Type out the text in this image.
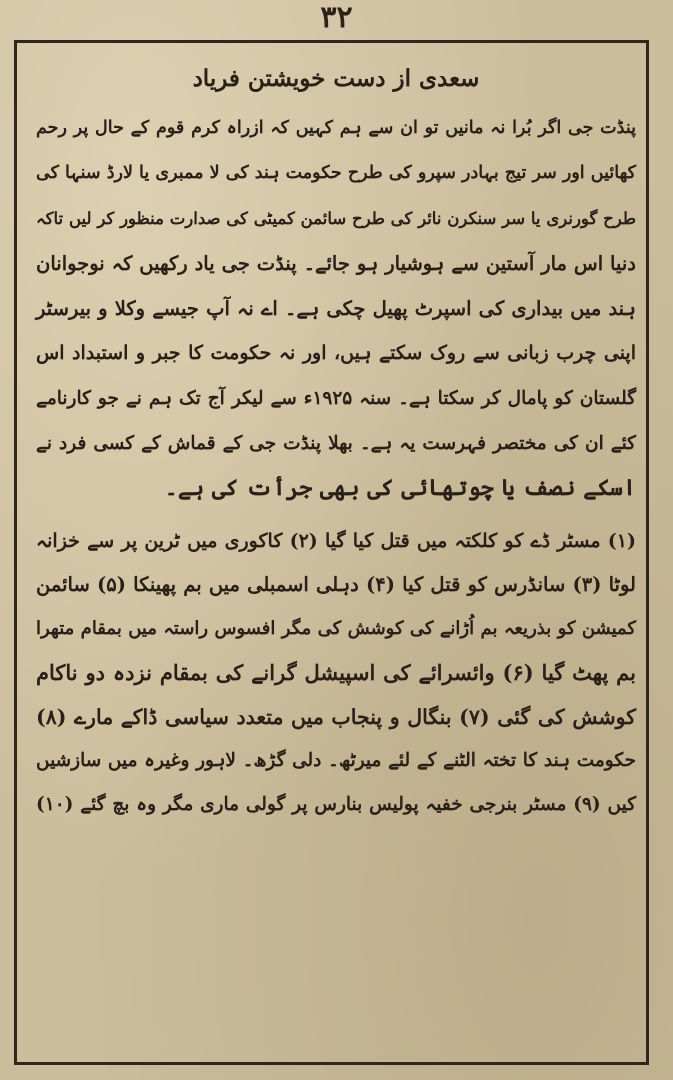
۳۲
سعدی از دست خویشتن فریاد
پنڈت جی اگر بُرا نہ مانیں تو ان سے ہم کہیں کہ ازراہ کرم قوم کے حال پر رحم
کھائیں اور سر تیج بہادر سپرو کی طرح حکومت ہند کی لا ممبری یا لارڈ سنہا کی
طرح گورنری یا سر سنکرن نائر کی طرح سائمن کمیٹی کی صدارت منظور کر لیں تاکہ
دنیا اس مار آستین سے ہوشیار ہو جائے۔ پنڈت جی یاد رکھیں کہ نوجوانان
ہند میں بیداری کی اسپرٹ پھیل چکی ہے۔ اے نہ آپ جیسے وکلا و بیرسٹر
اپنی چرب زبانی سے روک سکتے ہیں، اور نہ حکومت کا جبر و استبداد اس
گلستان کو پامال کر سکتا ہے۔ سنہ ۱۹۲۵ء سے لیکر آج تک ہم نے جو کارنامے
کئے ان کی مختصر فہرست یہ ہے۔ بھلا پنڈت جی کے قماش کے کسی فرد نے
اسکے نصف یا چوتھائی کی بھی جرأت کی ہے۔
(۱) مسٹر ڈے کو کلکتہ میں قتل کیا گیا (۲) کاکوری میں ٹرین پر سے خزانہ
لوٹا (۳) سانڈرس کو قتل کیا (۴) دہلی اسمبلی میں بم پھینکا (۵) سائمن
کمیشن کو بذریعہ بم اُڑانے کی کوشش کی مگر افسوس راستہ میں بمقام متھرا
بم پھٹ گیا (۶) وائسرائے کی اسپیشل گرانے کی بمقام نزدہ دو ناکام
کوشش کی گئی (۷) بنگال و پنجاب میں متعدد سیاسی ڈاکے مارے (۸)
حکومت ہند کا تختہ الٹنے کے لئے میرٹھ۔ دلی گڑھ۔ لاہور وغیرہ میں سازشیں
کیں (۹) مسٹر بنرجی خفیہ پولیس بنارس پر گولی ماری مگر وہ بچ گئے (۱۰)
